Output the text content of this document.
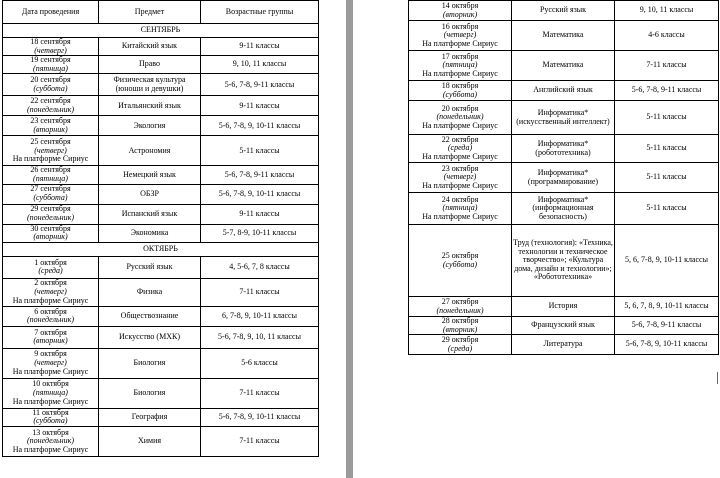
Дата проведения	Предмет	Возрастные группы
СЕНТЯБРЬ		

18 сентября
(четверг)	Китайский язык	9-11 классы

19 сентября
(пятница)	Право	9, 10, 11 классы

20 сентября
(суббота)	Физическая культура (юноши и девушки)	5-6, 7-8, 9-11 классы

22 сентября
(понедельник)	Итальянский язык	9-11 классы

23 сентября
(вторник)	Экология	5-6, 7-8, 9, 10-11 классы

25 сентября
(четверг)
На платформе Сириус	Астрономия	5-11 классы

26 сентября
(пятница)	Немецкий язык	5-6, 7-8, 9-11 классы

27 сентября
(суббота)	ОБЗР	5-6, 7-8, 9, 10-11 классы

29 сентября
(понедельник)	Испанский язык	9-11 классы

30 сентября
(вторник)	Экономика	5-7, 8-9, 10-11 классы
ОКТЯБРЬ		

1 октября
(среда)	Русский язык	4, 5-6, 7, 8 классы

2 октября
(четверг)
На платформе Сириус	Физика	7-11 классы

6 октября
(понедельник)	Обществознание	6, 7-8, 9, 10-11 классы

7 октября
(вторник)	Искусство (МХК)	5-6, 7-8, 9, 10, 11 классы

9 октября
(четверг)
На платформе Сириус	Биология	5-6 классы

10 октября
(пятница)
На платформе Сириус	Биология	7-11 классы

11 октября
(суббота)	География	5-6, 7-8, 9, 10-11 классы

13 октября
(понедельник)
На платформе Сириус	Химия	7-11 классы
14 октября
(вторник)	Русский язык	9, 10, 11 классы

16 октября
(четверг)
На платформе Сириус	Математика	4-6 классы

17 октября
(пятница)
На платформе Сириус	Математика	7-11 классы

18 октября
(суббота)	Английский язык	5-6, 7-8, 9-11 классы

20 октября
(понедельник)
На платформе Сириус	Информатика* (искусственный интеллект)	5-11 классы

22 октября
(среда)
На платформе Сириус	Информатика* (робототехника)	5-11 классы

23 октября
(четверг)
На платформе Сириус	Информатика* (программирование)	5-11 классы

24 октября
(пятница)
На платформе Сириус	Информатика* (информационная безопасность)	5-11 классы

25 октября
(суббота)	Труд (технология): «Техника, технологии и техническое творчество»; «Культура дома, дизайн и технологии»; «Робототехника»	5, 6, 7-8, 9, 10-11 классы

27 октября
(понедельник)	История	5, 6, 7, 8, 9, 10-11 классы

28 октября
(вторник)	Французский язык	5-6, 7-8, 9-11 классы

29 октября
(среда)	Литература	5-6, 7-8, 9, 10-11 классы
